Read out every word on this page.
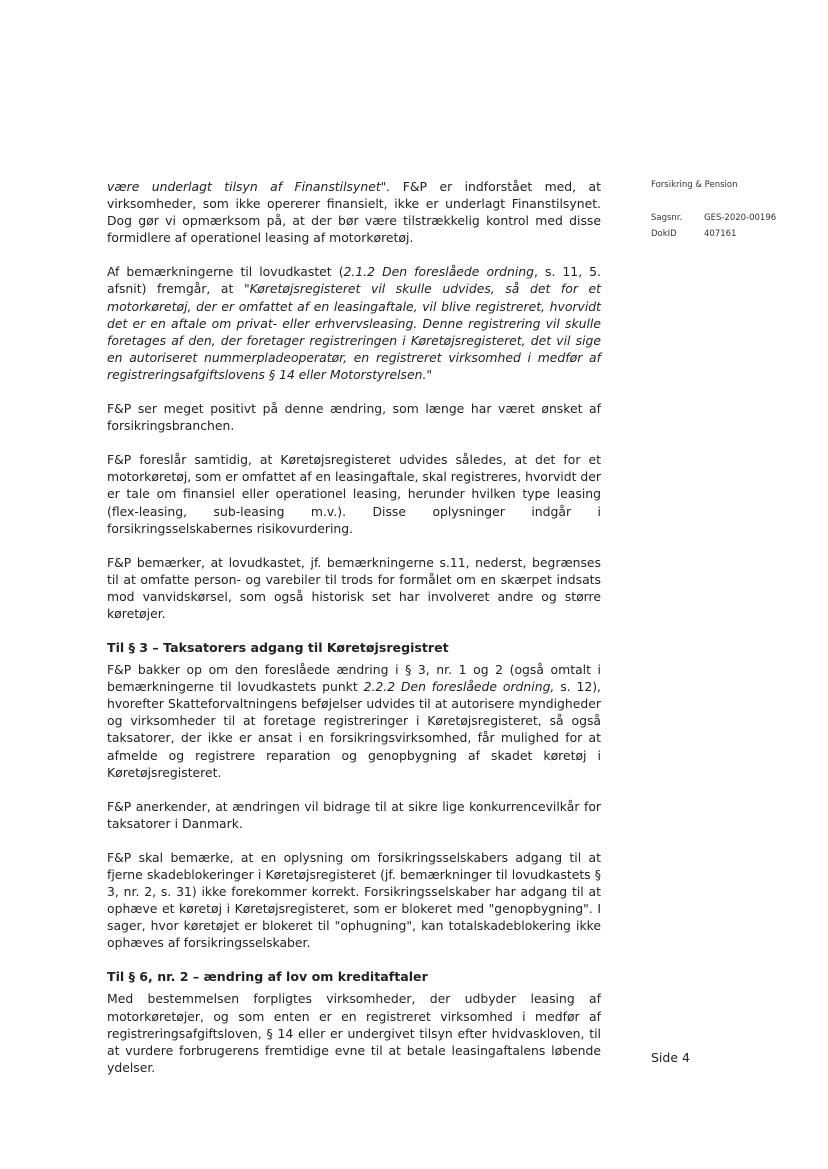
Forsikring & Pension
Sagsnr.	GES-2020-00196
DokID	407161

være underlagt tilsyn af Finanstilsynet". F&P er indforstået med, at virksomheder, som ikke opererer finansielt, ikke er underlagt Finanstilsynet. Dog gør vi opmærksom på, at der bør være tilstrækkelig kontrol med disse formidlere af operationel leasing af motorkøretøj.

Af bemærkningerne til lovudkastet (2.1.2 Den foreslåede ordning, s. 11, 5. afsnit) fremgår, at "Køretøjsregisteret vil skulle udvides, så det for et motorkøretøj, der er omfattet af en leasingaftale, vil blive registreret, hvorvidt det er en aftale om privat- eller erhvervsleasing. Denne registrering vil skulle foretages af den, der foretager registreringen i Køretøjsregisteret, det vil sige en autoriseret nummerpladeoperatør, en registreret virksomhed i medfør af registreringsafgiftslovens § 14 eller Motorstyrelsen."

F&P ser meget positivt på denne ændring, som længe har været ønsket af forsikringsbranchen.

F&P foreslår samtidig, at Køretøjsregisteret udvides således, at det for et motorkøretøj, som er omfattet af en leasingaftale, skal registreres, hvorvidt der er tale om finansiel eller operationel leasing, herunder hvilken type leasing (flex-leasing, sub-leasing m.v.). Disse oplysninger indgår i forsikringsselskabernes risikovurdering.

F&P bemærker, at lovudkastet, jf. bemærkningerne s.11, nederst, begrænses til at omfatte person- og varebiler til trods for formålet om en skærpet indsats mod vanvidskørsel, som også historisk set har involveret andre og større køretøjer.

Til § 3 – Taksatorers adgang til Køretøjsregistret

F&P bakker op om den foreslåede ændring i § 3, nr. 1 og 2 (også omtalt i bemærkningerne til lovudkastets punkt 2.2.2 Den foreslåede ordning, s. 12), hvorefter Skatteforvaltningens beføjelser udvides til at autorisere myndigheder og virksomheder til at foretage registreringer i Køretøjsregisteret, så også taksatorer, der ikke er ansat i en forsikringsvirksomhed, får mulighed for at afmelde og registrere reparation og genopbygning af skadet køretøj i Køretøjsregisteret.

F&P anerkender, at ændringen vil bidrage til at sikre lige konkurrencevilkår for taksatorer i Danmark.

F&P skal bemærke, at en oplysning om forsikringsselskabers adgang til at fjerne skadeblokeringer i Køretøjsregisteret (jf. bemærkninger til lovudkastets § 3, nr. 2, s. 31) ikke forekommer korrekt. Forsikringsselskaber har adgang til at ophæve et køretøj i Køretøjsregisteret, som er blokeret med "genopbygning". I sager, hvor køretøjet er blokeret til "ophugning", kan totalskadeblokering ikke ophæves af forsikringsselskaber.

Til § 6, nr. 2 – ændring af lov om kreditaftaler

Med bestemmelsen forpligtes virksomheder, der udbyder leasing af motorkøretøjer, og som enten er en registreret virksomhed i medfør af registreringsafgiftsloven, § 14 eller er undergivet tilsyn efter hvidvaskloven, til at vurdere forbrugerens fremtidige evne til at betale leasingaftalens løbende ydelser.

Side 4
